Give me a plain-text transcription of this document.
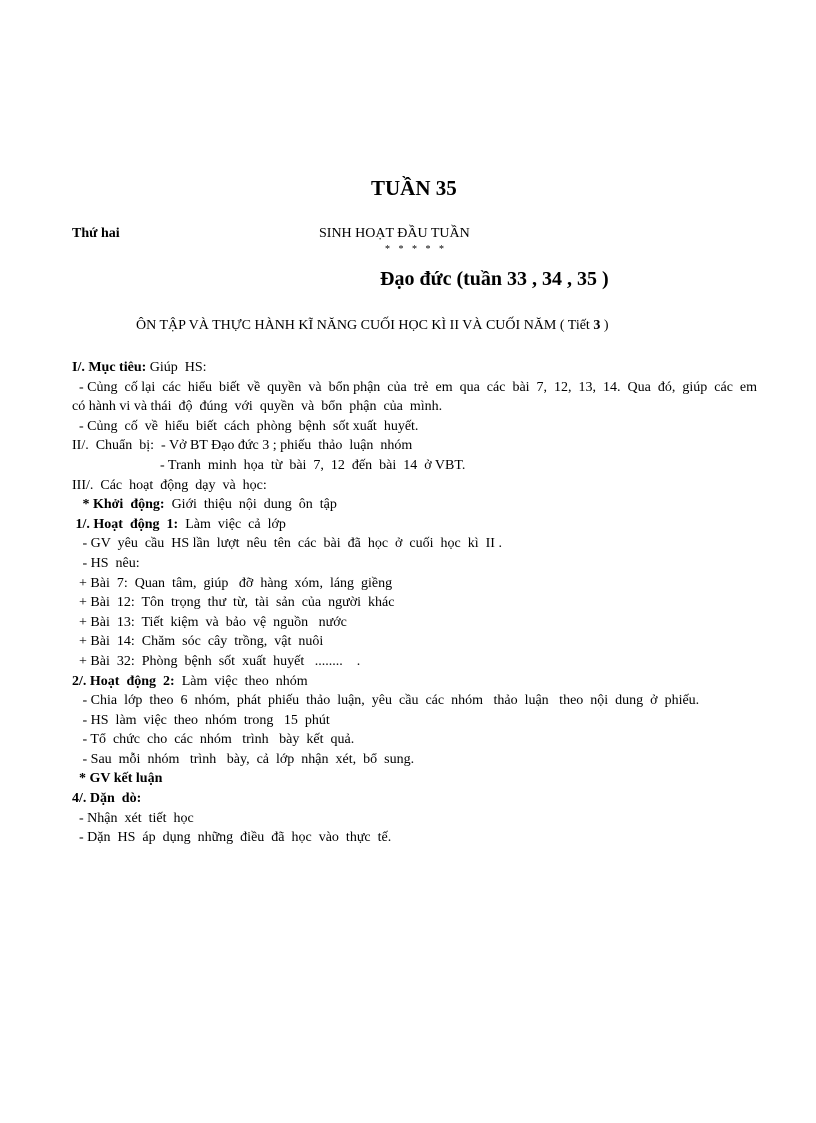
TUẦN 35
Thứ hai	SINH HOẠT ĐẦU TUẦN
* * * * *
Đạo đức (tuần 33 , 34 , 35 )
ÔN TẬP VÀ THỰC HÀNH KĨ NĂNG CUỐI HỌC KÌ II VÀ CUỐI NĂM ( Tiết 3 )
I/. Mục tiêu: Giúp  HS:
- Củng  cố lại  các  hiểu  biết  về  quyền  và  bổn phận  của  trẻ  em  qua  các  bài  7,  12,  13,  14.  Qua  đó,  giúp  các  em
có hành vi và thái  độ  đúng  với  quyền  và  bổn  phận  của  mình.
- Củng  cố  về  hiểu  biết  cách  phòng  bệnh  sốt xuất  huyết.
II/.  Chuẩn  bị:  - Vở BT Đạo đức 3 ; phiếu  thảo  luận  nhóm
- Tranh  minh  họa  từ  bài  7,  12  đến  bài  14  ở VBT.
III/.  Các  hoạt  động  dạy  và  học:
* Khởi  động:  Giới  thiệu  nội  dung  ôn  tập
1/. Hoạt  động  1:  Làm  việc  cả  lớp
- GV  yêu  cầu  HS lần  lượt  nêu  tên  các  bài  đã  học  ở  cuối  học  kì  II .
- HS  nêu:
+ Bài  7:  Quan  tâm,  giúp   đỡ  hàng  xóm,  láng  giềng
+ Bài  12:  Tôn  trọng  thư  từ,  tài  sản  của  người  khác
+ Bài  13:  Tiết  kiệm  và  bảo  vệ  nguồn   nước
+ Bài  14:  Chăm  sóc  cây  trồng,  vật  nuôi
+ Bài  32:  Phòng  bệnh  sốt  xuất  huyết   ........    .
2/. Hoạt  động  2:  Làm  việc  theo  nhóm
- Chia  lớp  theo  6  nhóm,  phát  phiếu  thảo  luận,  yêu  cầu  các  nhóm   thảo  luận   theo  nội  dung  ở  phiếu.
- HS  làm  việc  theo  nhóm  trong   15  phút
- Tổ  chức  cho  các  nhóm   trình   bày  kết  quả.
- Sau  mỗi  nhóm   trình   bày,  cả  lớp  nhận  xét,  bổ  sung.
* GV kết luận
4/. Dặn  dò:
- Nhận  xét  tiết  học
- Dặn  HS  áp  dụng  những  điều  đã  học  vào  thực  tế.
